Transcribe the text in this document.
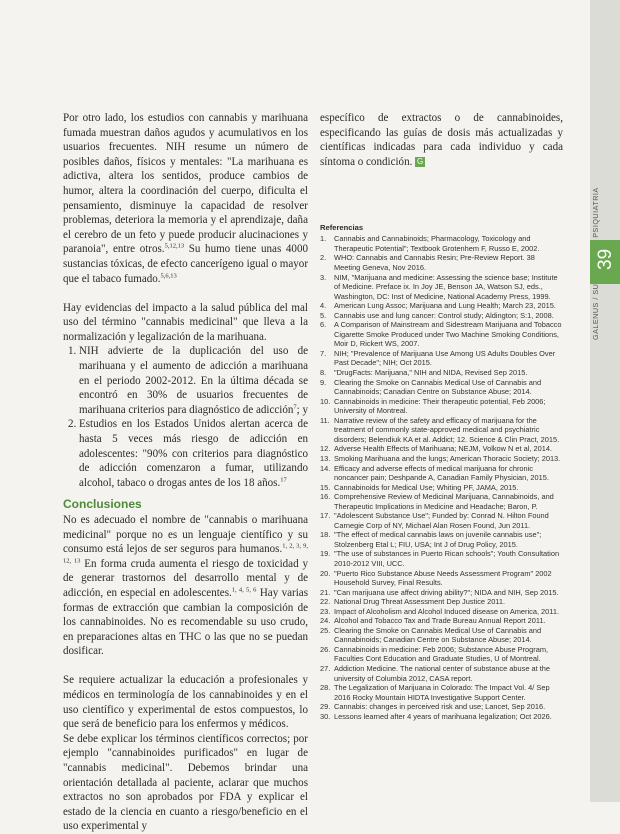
39

Por otro lado, los estudios con cannabis y marihuana fumada muestran daños agudos y acumulativos en los usuarios frecuentes. NIH resume un número de posibles daños, físicos y mentales: "La marihuana es adictiva, altera los sentidos, produce cambios de humor, altera la coordinación del cuerpo, dificulta el pensamiento, disminuye la capacidad de resolver problemas, deteriora la memoria y el aprendizaje, daña el cerebro de un feto y puede producir alucinaciones y paranoia", entre otros.$^{5,12,13}$ Su humo tiene unas 4000 sustancias tóxicas, de efecto cancerígeno igual o mayor que el tabaco fumado.$^{5,6,13}$

Hay evidencias del impacto a la salud pública del mal uso del término "cannabis medicinal" que lleva a la normalización y legalización de la marihuana.

1. NIH advierte de la duplicación del uso de marihuana y el aumento de adicción a marihuana en el periodo 2002-2012. En la última década se encontró en 30% de usuarios frecuentes de marihuana criterios para diagnóstico de adicción$^7$; y
2. Estudios en los Estados Unidos alertan acerca de hasta 5 veces más riesgo de adicción en adolescentes: "90% con criterios para diagnóstico de adicción comenzaron a fumar, utilizando alcohol, tabaco o drogas antes de los 18 años.$^{17}$
Conclusiones

No es adecuado el nombre de "cannabis o marihuana medicinal" porque no es un lenguaje científico y su consumo está lejos de ser seguros para humanos.$^{1, 2, 3, 9, 12, 13}$ En forma cruda aumenta el riesgo de toxicidad y de generar trastornos del desarrollo mental y de adicción, en especial en adolescentes.$^{1, 4, 5, 6}$ Hay varias formas de extracción que cambian la composición de los cannabinoides. No es recomendable su uso crudo, en preparaciones altas en THC o las que no se puedan dosificar.

Se requiere actualizar la educación a profesionales y médicos en terminología de los cannabinoides y en el uso científico y experimental de estos compuestos, lo que será de beneficio para los enfermos y médicos.

Se debe explicar los términos científicos correctos; por ejemplo "cannabinoides purificados" en lugar de "cannabis medicinal". Debemos brindar una orientación detallada al paciente, aclarar que muchos extractos no son aprobados por FDA y explicar el estado de la ciencia en cuanto a riesgo/beneficio en el uso experimental y

específico de extractos o de cannabinoides, especificando las guías de dosis más actualizadas y científicas indicadas para cada individuo y cada síntoma o condición. G

Referencias
1. Cannabis and Cannabinoids; Pharmacology, Toxicology and Therapeutic Potential"; Textbook Grotenhem F, Russo E, 2002.
2. WHO: Cannabis and Cannabis Resin; Pre-Review Report. 38 Meeting Geneva, Nov 2016.
3. NIM, "Marijuana and medicine: Assessing the science base; Institute of Medicine. Preface ix. In Joy JE, Benson JA, Watson SJ, eds., Washington, DC: Inst of Medicine, National Academy Press, 1999.
4. American Lung Assoc; Marijuana and Lung Health; March 23, 2015.
5. Cannabis use and lung cancer: Control study; Aldington; S:1, 2008.
6. A Comparison of Mainstream and Sidestream Marijuana and Tobacco Cigarette Smoke Produced under Two Machine Smoking Conditions, Moir D, Rickert WS, 2007.
7. NIH; "Prevalence of Marijuana Use Among US Adults Doubles Over Past Decade"; NIH; Oct 2015.
8. "DrugFacts: Marijuana," NIH and NIDA, Revised Sep 2015.
9. Clearing the Smoke on Cannabis Medical Use of Cannabis and Cannabinoids; Canadian Centre on Substance Abuse; 2014.
10. Cannabinoids in medicine: Their therapeutic potential, Feb 2006; University of Montreal.
11. Narrative review of the safety and efficacy of marijuana for the treatment of commonly state-approved medical and psychiatric disorders; Belendiuk KA et al. Addict; 12. Science & Clin Pract, 2015.
12. Adverse Health Effects of Marihuana; NEJM, Volkow N et al, 2014.
13. Smoking Marihuana and the lungs; American Thoracic Society; 2013.
14. Efficacy and adverse effects of medical marijuana for chronic noncancer pain; Deshpande A, Canadian Family Physician, 2015.
15. Cannabinoids for Medical Use; Whiting PF, JAMA, 2015.
16. Comprehensive Review of Medicinal Marijuana, Cannabinoids, and Therapeutic Implications in Medicine and Headache; Baron, P.
17. "Adolescent Substance Use"; Funded by: Conrad N. Hilton Found Carnegie Corp of NY, Michael Alan Rosen Found, Jun 2011.
18. "The effect of medical cannabis laws on juvenile cannabis use"; Stolzenberg Etal L; FIU, USA; Int J of Drug Policy, 2015.
19. "The use of substances in Puerto Rican schools"; Youth Consultation 2010-2012 VIII, UCC.
20. "Puerto Rico Substance Abuse Needs Assessment Program" 2002 Household Survey, Final Results.
21. "Can marijuana use affect driving ability?"; NIDA and NIH, Sep 2015.
22. National Drug Threat Assessment Dep Justice 2011.
23. Impact of Alcoholism and Alcohol Induced disease on America, 2011.
24. Alcohol and Tobacco Tax and Trade Bureau Annual Report 2011.
25. Clearing the Smoke on Cannabis Medical Use of Cannabis and Cannabinoids; Canadian Centre on Substance Abuse; 2014.
26. Cannabinoids in medicine: Feb 2006; Substance Abuse Program, Faculties Cont Education and Graduate Studies, U of Montreal.
27. Addiction Medicine. The national center of substance abuse at the university of Columbia 2012, CASA report.
28. The Legalization of Marijuana in Colorado: The Impact Vol. 4/ Sep 2016 Rocky Mountain HIDTA Investigative Support Center.
29. Cannabis: changes in perceived risk and use; Lancet, Sep 2016.
30. Lessons learned after 4 years of marihuana legalization; Oct 2026.
